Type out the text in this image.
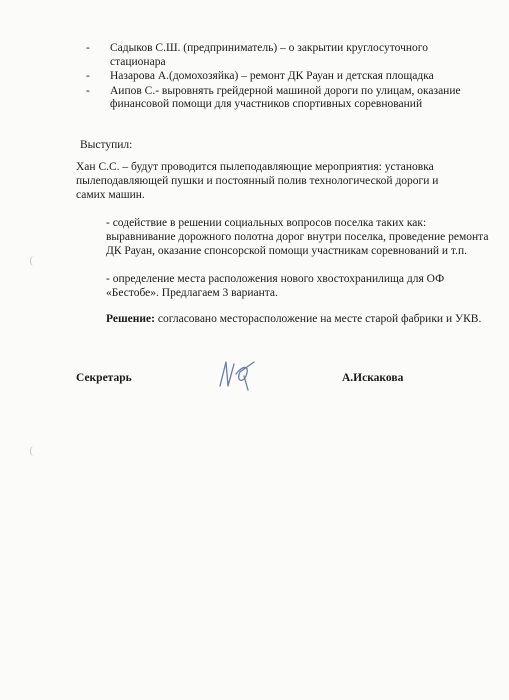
- Садыков С.Ш. (предприниматель) – о закрытии круглосуточного стационара
- Назарова А.(домохозяйка) – ремонт ДК Рауан и детская площадка
- Аипов С.- выровнять грейдерной машиной дороги по улицам, оказание финансовой помощи для участников спортивных соревнований
Выступил:
Хан С.С. – будут проводится пылеподавляющие мероприятия: установка пылеподавляющей пушки и постоянный полив технологической дороги и самих машин.
- содействие в решении социальных вопросов поселка таких как: выравнивание дорожного полотна дорог внутри поселка, проведение ремонта ДК Рауан, оказание спонсорской помощи участникам соревнований и т.п.
- определение места расположения нового хвостохранилища для ОФ «Бестобе». Предлагаем 3 варианта.
Решение: согласовано месторасположение на месте старой фабрики и УКВ.
Секретарь	А.Искакова
